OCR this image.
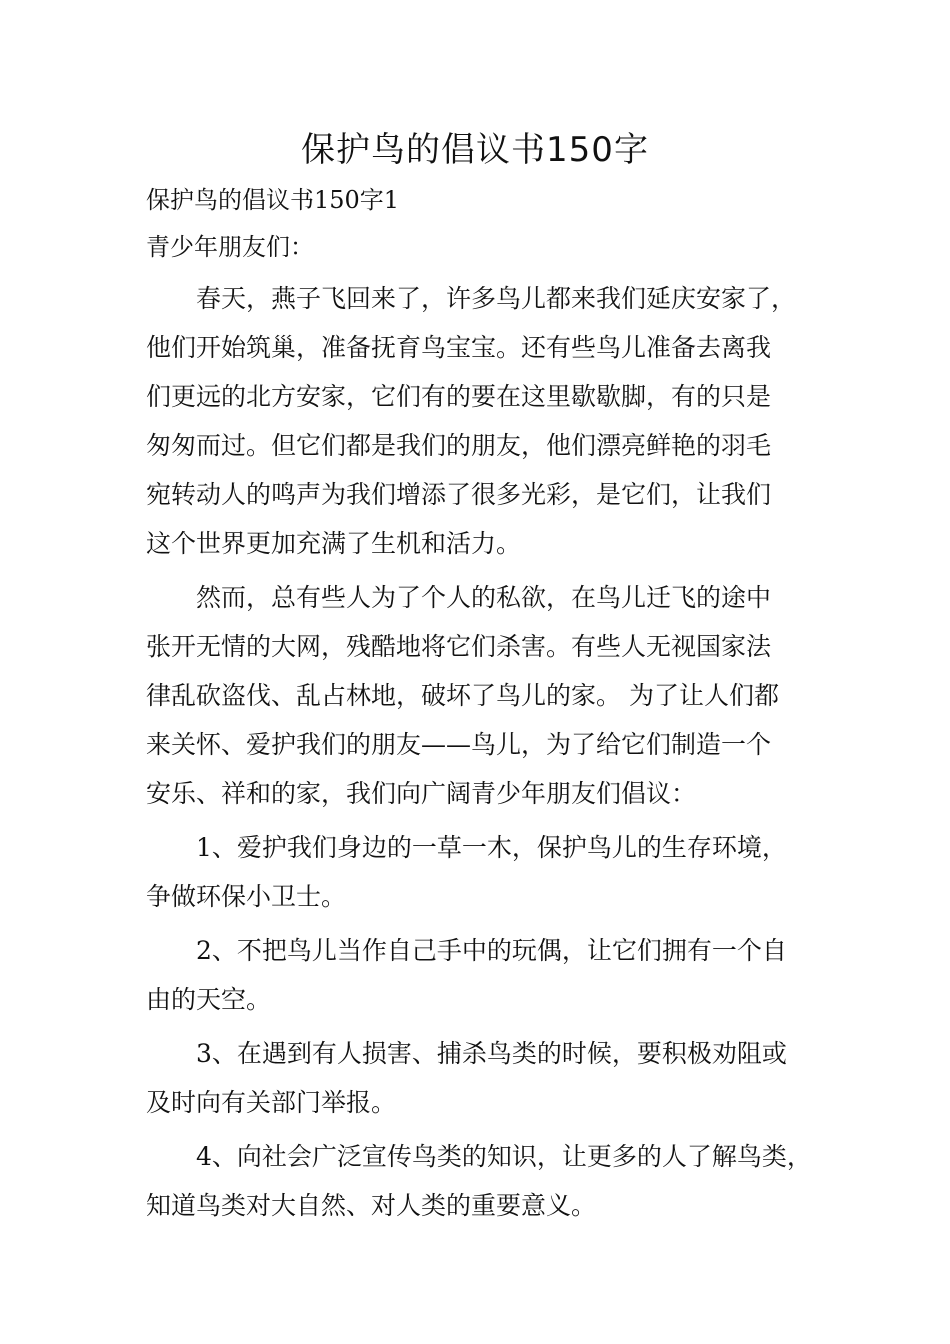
保护鸟的倡议书150字

保护鸟的倡议书150字1

青少年朋友们：

　　春天，燕子飞回来了，许多鸟儿都来我们延庆安家了，

他们开始筑巢，准备抚育鸟宝宝。还有些鸟儿准备去离我

们更远的北方安家，它们有的要在这里歇歇脚，有的只是

匆匆而过。但它们都是我们的朋友，他们漂亮鲜艳的羽毛

宛转动人的鸣声为我们增添了很多光彩，是它们，让我们

这个世界更加充满了生机和活力。

　　然而，总有些人为了个人的私欲，在鸟儿迁飞的途中

张开无情的大网，残酷地将它们杀害。有些人无视国家法

律乱砍盗伐、乱占林地，破坏了鸟儿的家。 为了让人们都

来关怀、爱护我们的朋友——鸟儿，为了给它们制造一个

安乐、祥和的家，我们向广阔青少年朋友们倡议：

　　1、爱护我们身边的一草一木，保护鸟儿的生存环境，

争做环保小卫士。

　　2、不把鸟儿当作自己手中的玩偶，让它们拥有一个自

由的天空。

　　3、在遇到有人损害、捕杀鸟类的时候，要积极劝阻或

及时向有关部门举报。

　　4、向社会广泛宣传鸟类的知识，让更多的人了解鸟类，

知道鸟类对大自然、对人类的重要意义。
